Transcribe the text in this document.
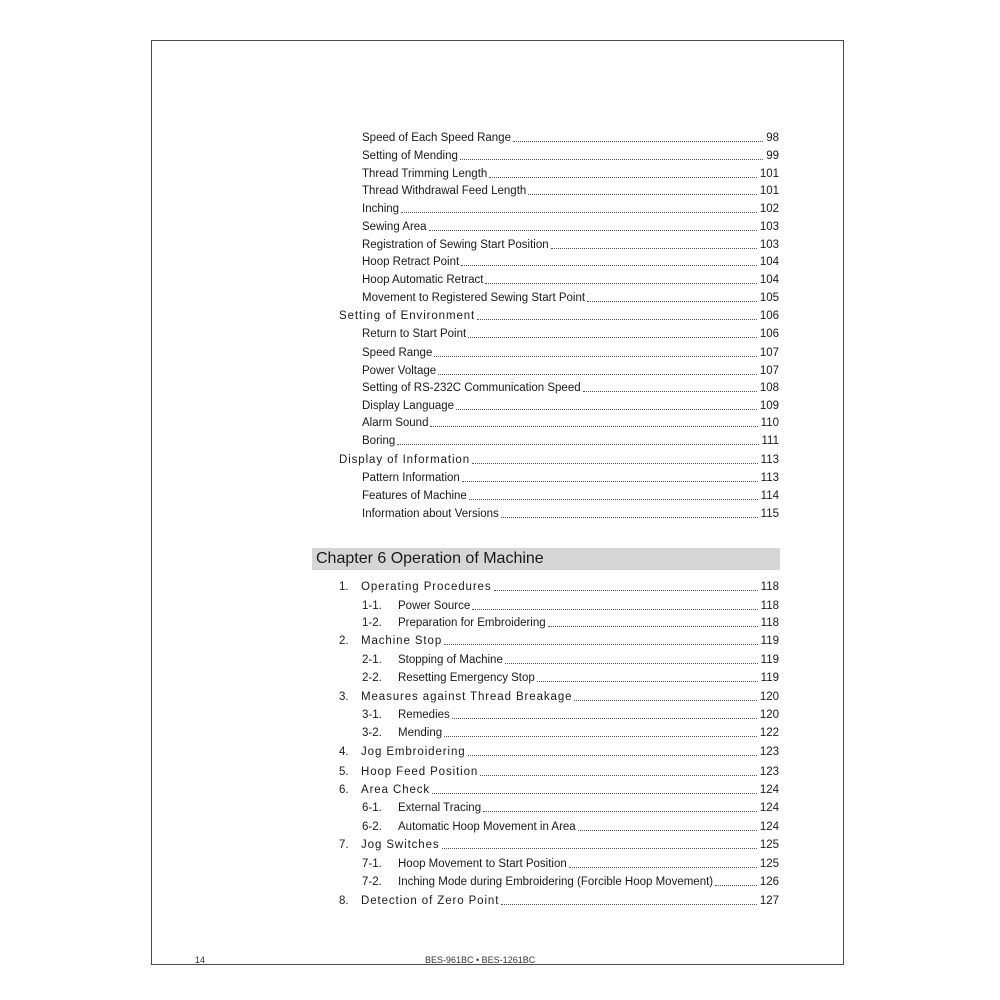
Speed of Each Speed Range	98
Setting of Mending	99
Thread Trimming Length	101
Thread Withdrawal Feed Length	101
Inching	102
Sewing Area	103
Registration of Sewing Start Position	103
Hoop Retract Point	104
Hoop Automatic Retract	104
Movement to Registered Sewing Start Point	105
Setting of Environment	106
Return to Start Point	106
Speed Range	107
Power Voltage	107
Setting of RS-232C Communication Speed	108
Display Language	109
Alarm Sound	110
Boring	111
Display of Information	113
Pattern Information	113
Features of Machine	114
Information about Versions	115
Chapter 6 Operation of Machine
1.	Operating Procedures	118
1-1.	Power Source	118
1-2.	Preparation for Embroidering	118
2.	Machine Stop	119
2-1.	Stopping of Machine	119
2-2.	Resetting Emergency Stop	119
3.	Measures against Thread Breakage	120
3-1.	Remedies	120
3-2.	Mending	122
4.	Jog Embroidering	123
5.	Hoop Feed Position	123
6.	Area Check	124
6-1.	External Tracing	124
6-2.	Automatic Hoop Movement in Area	124
7.	Jog Switches	125
7-1.	Hoop Movement to Start Position	125
7-2.	Inching Mode during Embroidering (Forcible Hoop Movement)	126
8.	Detection of Zero Point	127
14	BES-961BC • BES-1261BC
